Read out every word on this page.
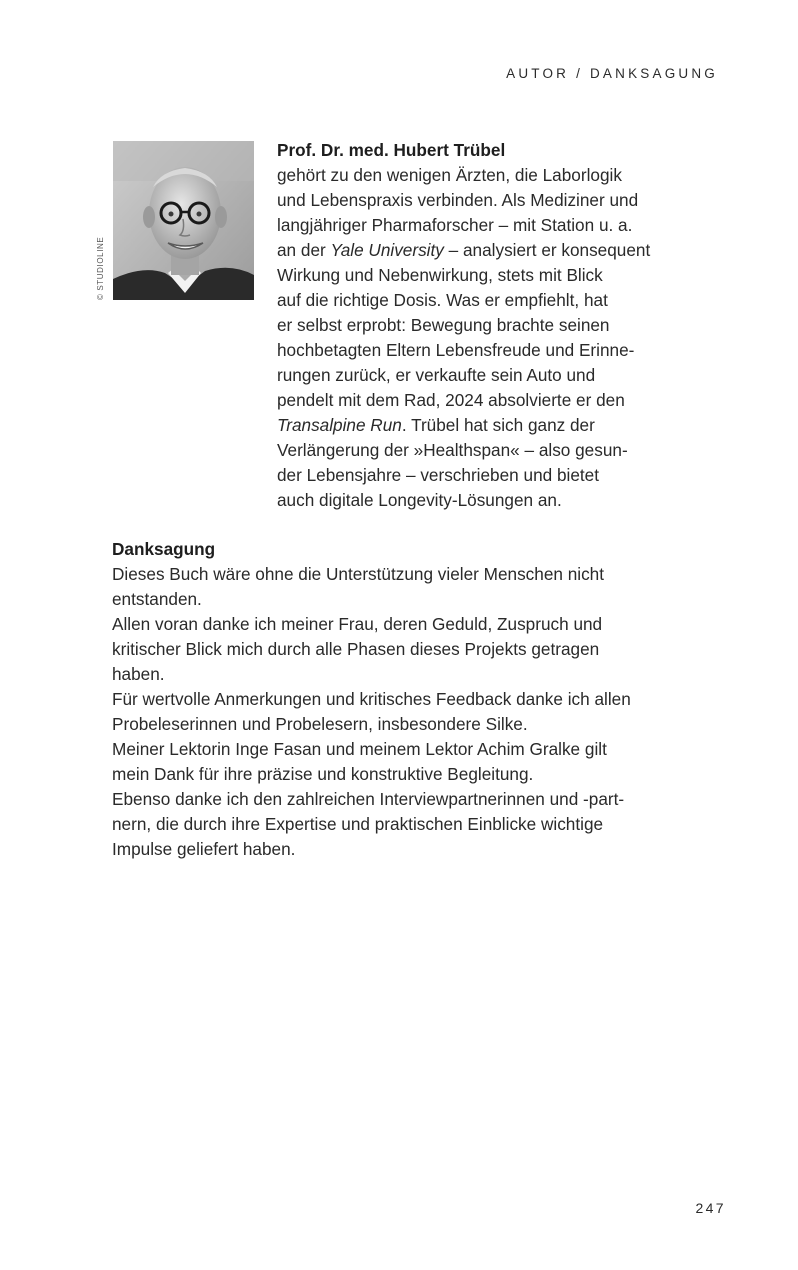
AUTOR / DANKSAGUNG
© STUDIOLINE
Prof. Dr. med. Hubert Trübel
gehört zu den wenigen Ärzten, die Laborlogik
und Lebenspraxis verbinden. Als Mediziner und
langjähriger Pharmaforscher – mit Station u. a.
an der Yale University – analysiert er konsequent
Wirkung und Nebenwirkung, stets mit Blick
auf die richtige Dosis. Was er empfiehlt, hat
er selbst erprobt: Bewegung brachte seinen
hochbetagten Eltern Lebensfreude und Erinne-
rungen zurück, er verkaufte sein Auto und
pendelt mit dem Rad, 2024 absolvierte er den
Transalpine Run. Trübel hat sich ganz der
Verlängerung der »Healthspan« – also gesun-
der Lebensjahre – verschrieben und bietet
auch digitale Longevity-Lösungen an.
Danksagung
Dieses Buch wäre ohne die Unterstützung vieler Menschen nicht
entstanden.
Allen voran danke ich meiner Frau, deren Geduld, Zuspruch und
kritischer Blick mich durch alle Phasen dieses Projekts getragen
haben.
Für wertvolle Anmerkungen und kritisches Feedback danke ich allen
Probeleserinnen und Probelesern, insbesondere Silke.
Meiner Lektorin Inge Fasan und meinem Lektor Achim Gralke gilt
mein Dank für ihre präzise und konstruktive Begleitung.
Ebenso danke ich den zahlreichen Interviewpartnerinnen und -part-
nern, die durch ihre Expertise und praktischen Einblicke wichtige
Impulse geliefert haben.
247
